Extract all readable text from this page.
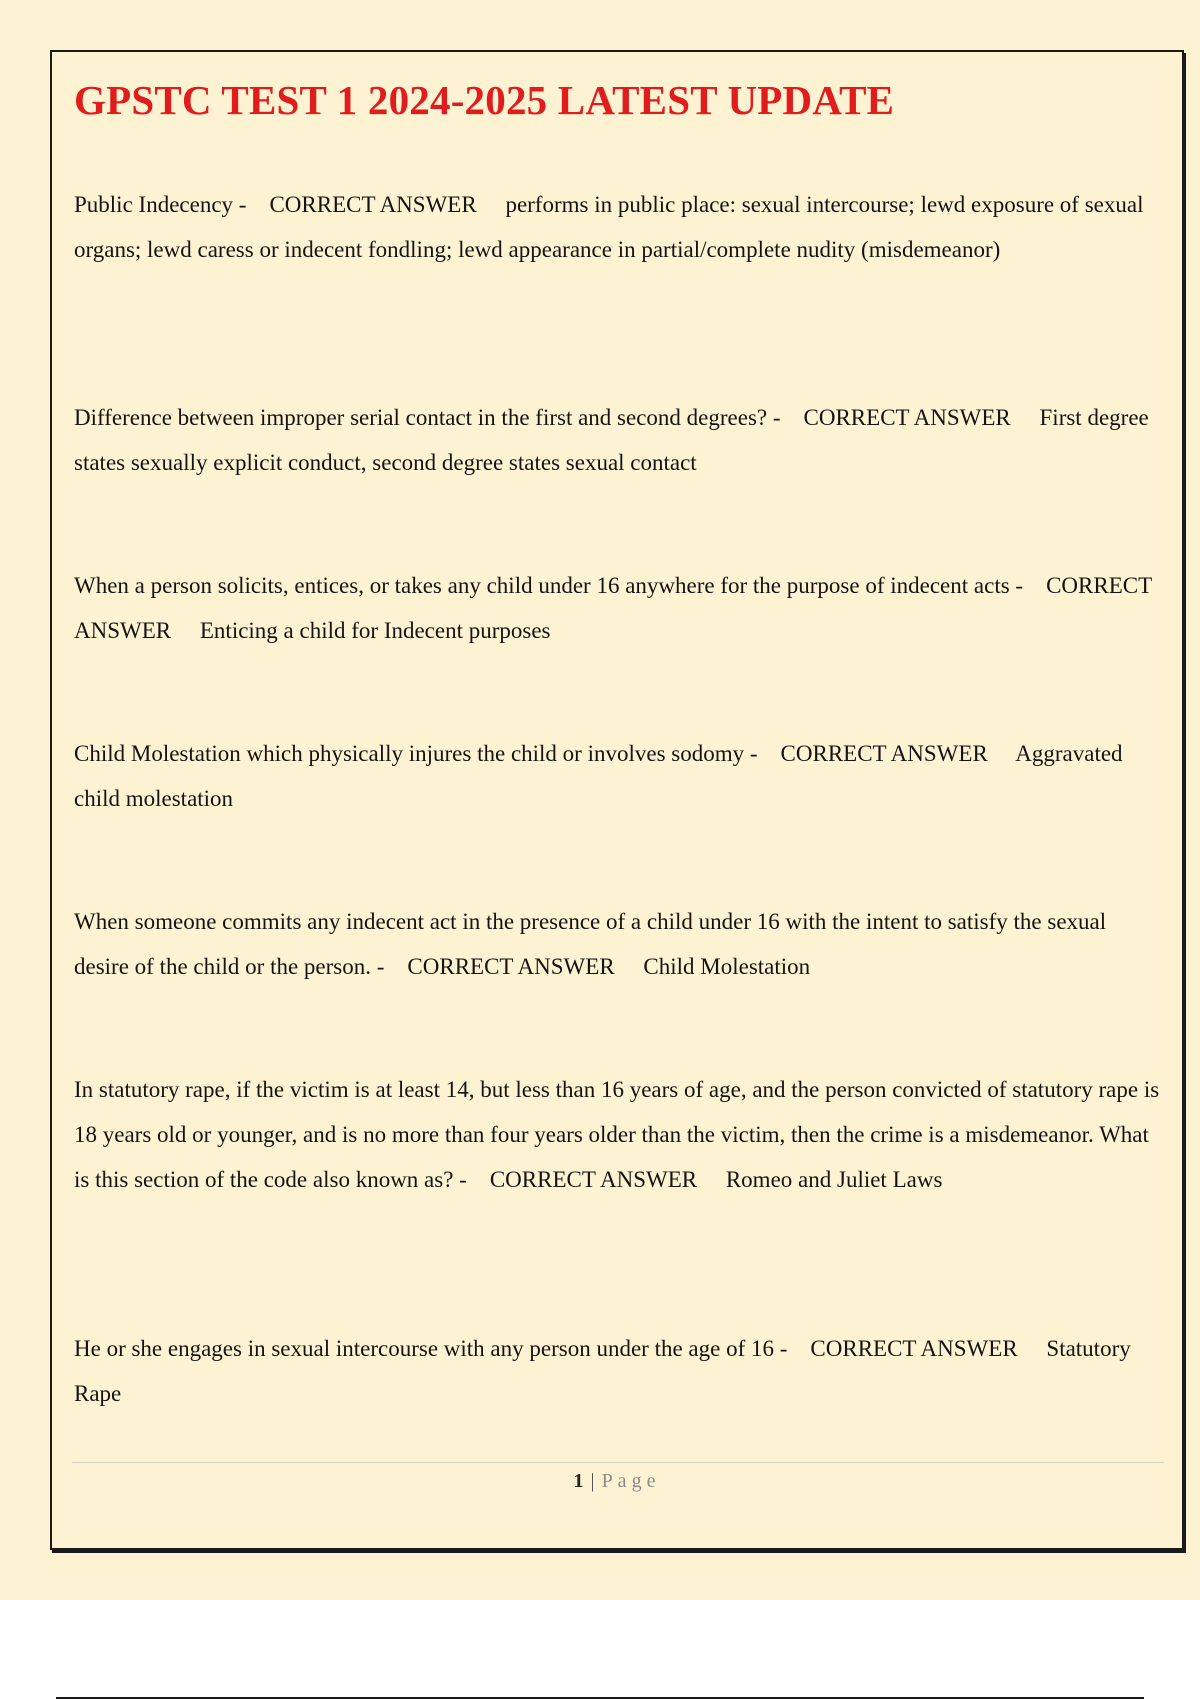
GPSTC TEST 1 2024-2025 LATEST UPDATE

Public Indecency - CORRECT ANSWER performs in public place: sexual intercourse; lewd exposure of sexual organs; lewd caress or indecent fondling; lewd appearance in partial/complete nudity (misdemeanor)

Difference between improper serial contact in the first and second degrees? - CORRECT ANSWER First degree states sexually explicit conduct, second degree states sexual contact

When a person solicits, entices, or takes any child under 16 anywhere for the purpose of indecent acts - CORRECT ANSWER Enticing a child for Indecent purposes

Child Molestation which physically injures the child or involves sodomy - CORRECT ANSWER Aggravated child molestation

When someone commits any indecent act in the presence of a child under 16 with the intent to satisfy the sexual desire of the child or the person. - CORRECT ANSWER Child Molestation

In statutory rape, if the victim is at least 14, but less than 16 years of age, and the person convicted of statutory rape is 18 years old or younger, and is no more than four years older than the victim, then the crime is a misdemeanor. What is this section of the code also known as? - CORRECT ANSWER Romeo and Juliet Laws

He or she engages in sexual intercourse with any person under the age of 16 - CORRECT ANSWER Statutory Rape

1 | Page
